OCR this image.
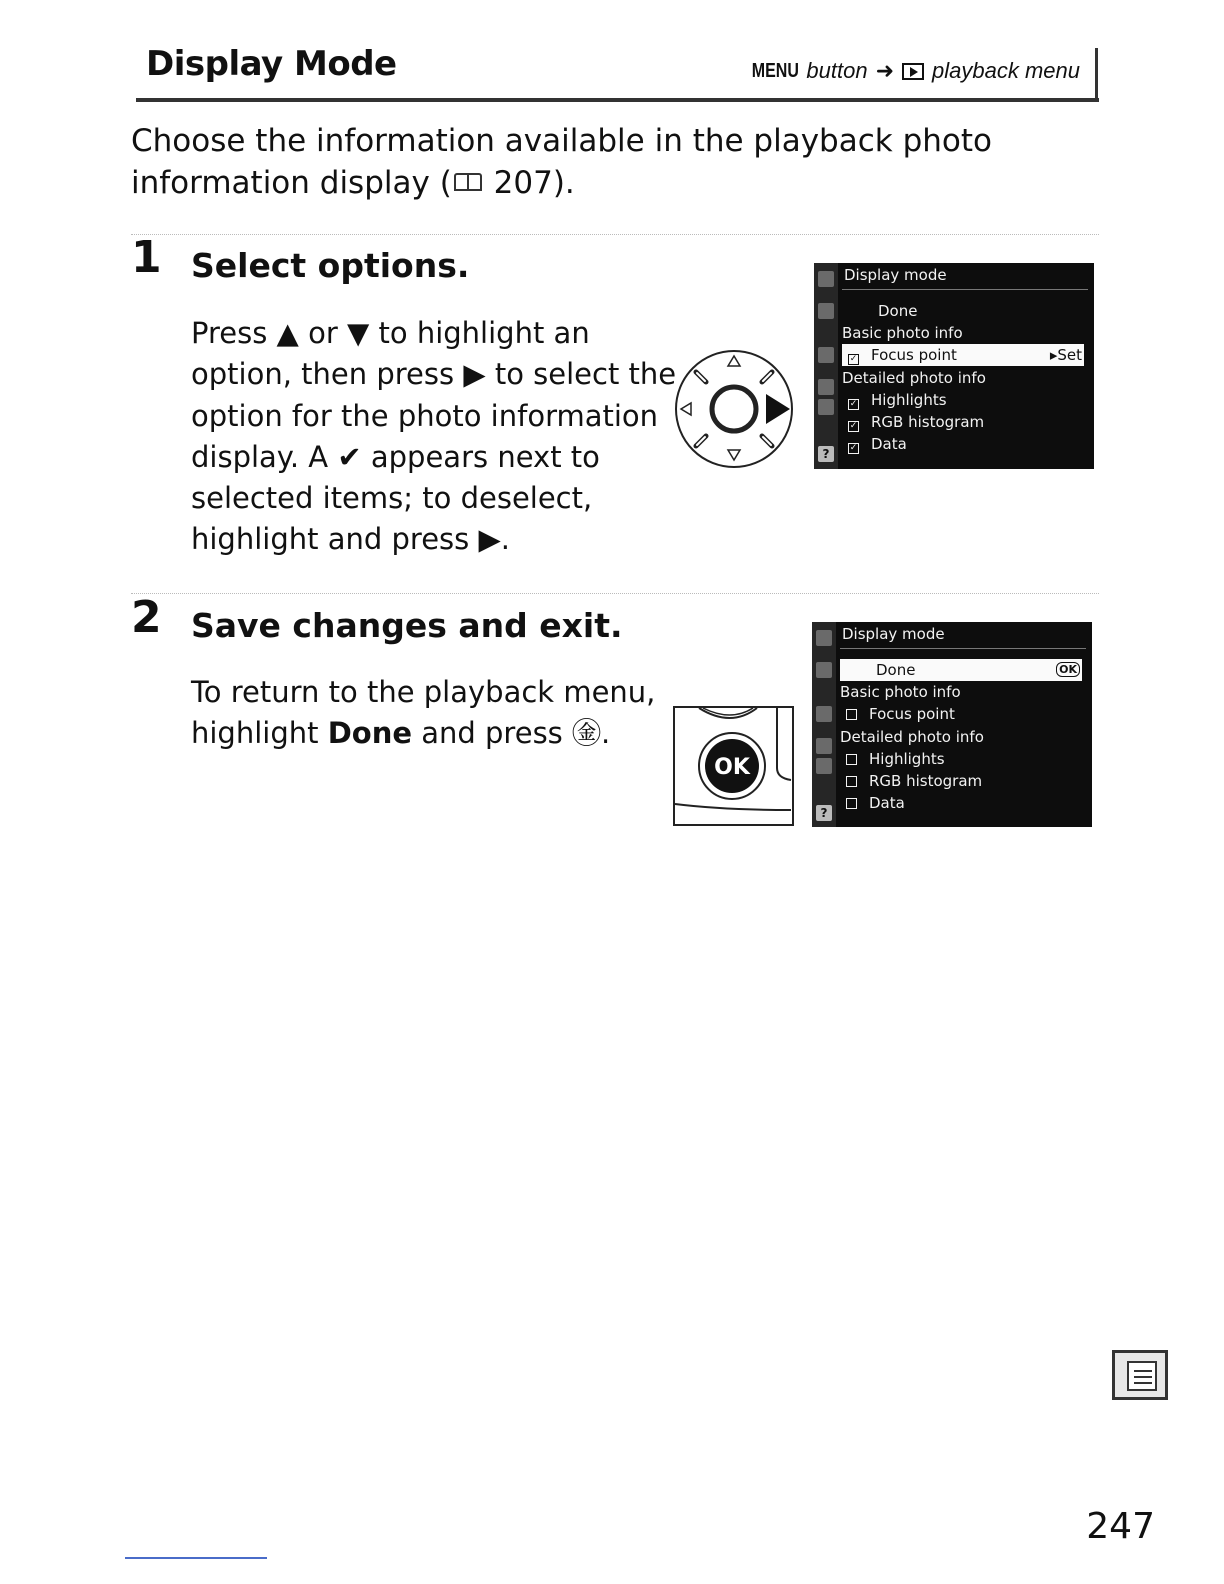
Display Mode	MENU button ➜ playback menu
Choose the information available in the playback photo information display ( 207).
1 Select options.
Press ▲ or ▼ to highlight an option, then press ▶ to select the option for the photo information display. A ✔ appears next to selected items; to deselect, highlight and press ▶.
?
Display mode
Done
Basic photo info
✓ Focus point	▸Set
Detailed photo info
✓ Highlights
✓ RGB histogram
✓ Data
2 Save changes and exit.
To return to the playback menu, highlight Done and press ㊎.
OK
?
Display mode
Done	OK
Basic photo info
Focus point
Detailed photo info
Highlights
RGB histogram
Data
247
